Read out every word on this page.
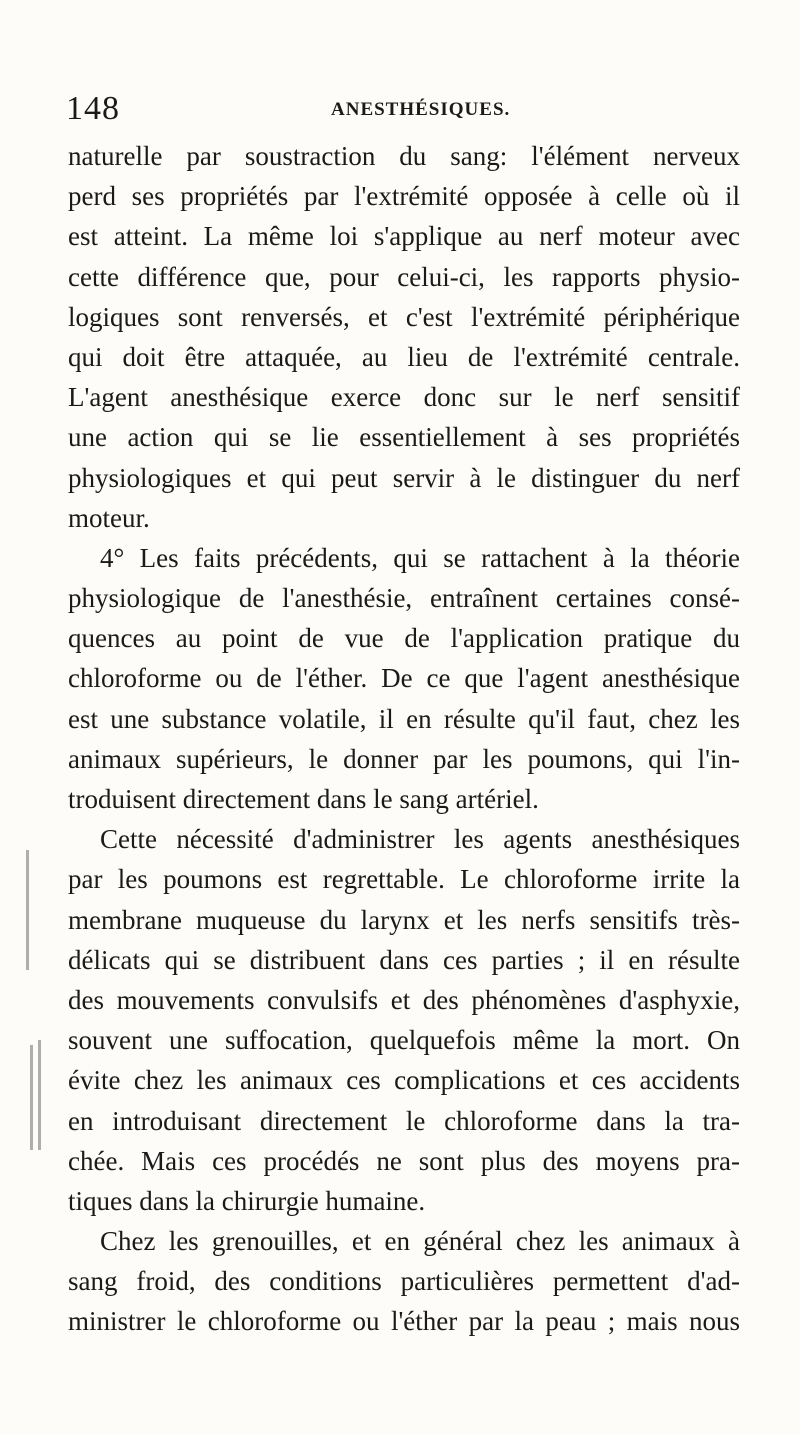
148	ANESTHÉSIQUES.
naturelle par soustraction du sang: l'élément nerveux
perd ses propriétés par l'extrémité opposée à celle où il
est atteint. La même loi s'applique au nerf moteur avec
cette différence que, pour celui-ci, les rapports physio-
logiques sont renversés, et c'est l'extrémité périphérique
qui doit être attaquée, au lieu de l'extrémité centrale.
L'agent anesthésique exerce donc sur le nerf sensitif
une action qui se lie essentiellement à ses propriétés
physiologiques et qui peut servir à le distinguer du nerf
moteur.
4° Les faits précédents, qui se rattachent à la théorie
physiologique de l'anesthésie, entraînent certaines consé-
quences au point de vue de l'application pratique du
chloroforme ou de l'éther. De ce que l'agent anesthésique
est une substance volatile, il en résulte qu'il faut, chez les
animaux supérieurs, le donner par les poumons, qui l'in-
troduisent directement dans le sang artériel.
Cette nécessité d'administrer les agents anesthésiques
par les poumons est regrettable. Le chloroforme irrite la
membrane muqueuse du larynx et les nerfs sensitifs très-
délicats qui se distribuent dans ces parties ; il en résulte
des mouvements convulsifs et des phénomènes d'asphyxie,
souvent une suffocation, quelquefois même la mort. On
évite chez les animaux ces complications et ces accidents
en introduisant directement le chloroforme dans la tra-
chée. Mais ces procédés ne sont plus des moyens pra-
tiques dans la chirurgie humaine.
Chez les grenouilles, et en général chez les animaux à
sang froid, des conditions particulières permettent d'ad-
ministrer le chloroforme ou l'éther par la peau ; mais nous
